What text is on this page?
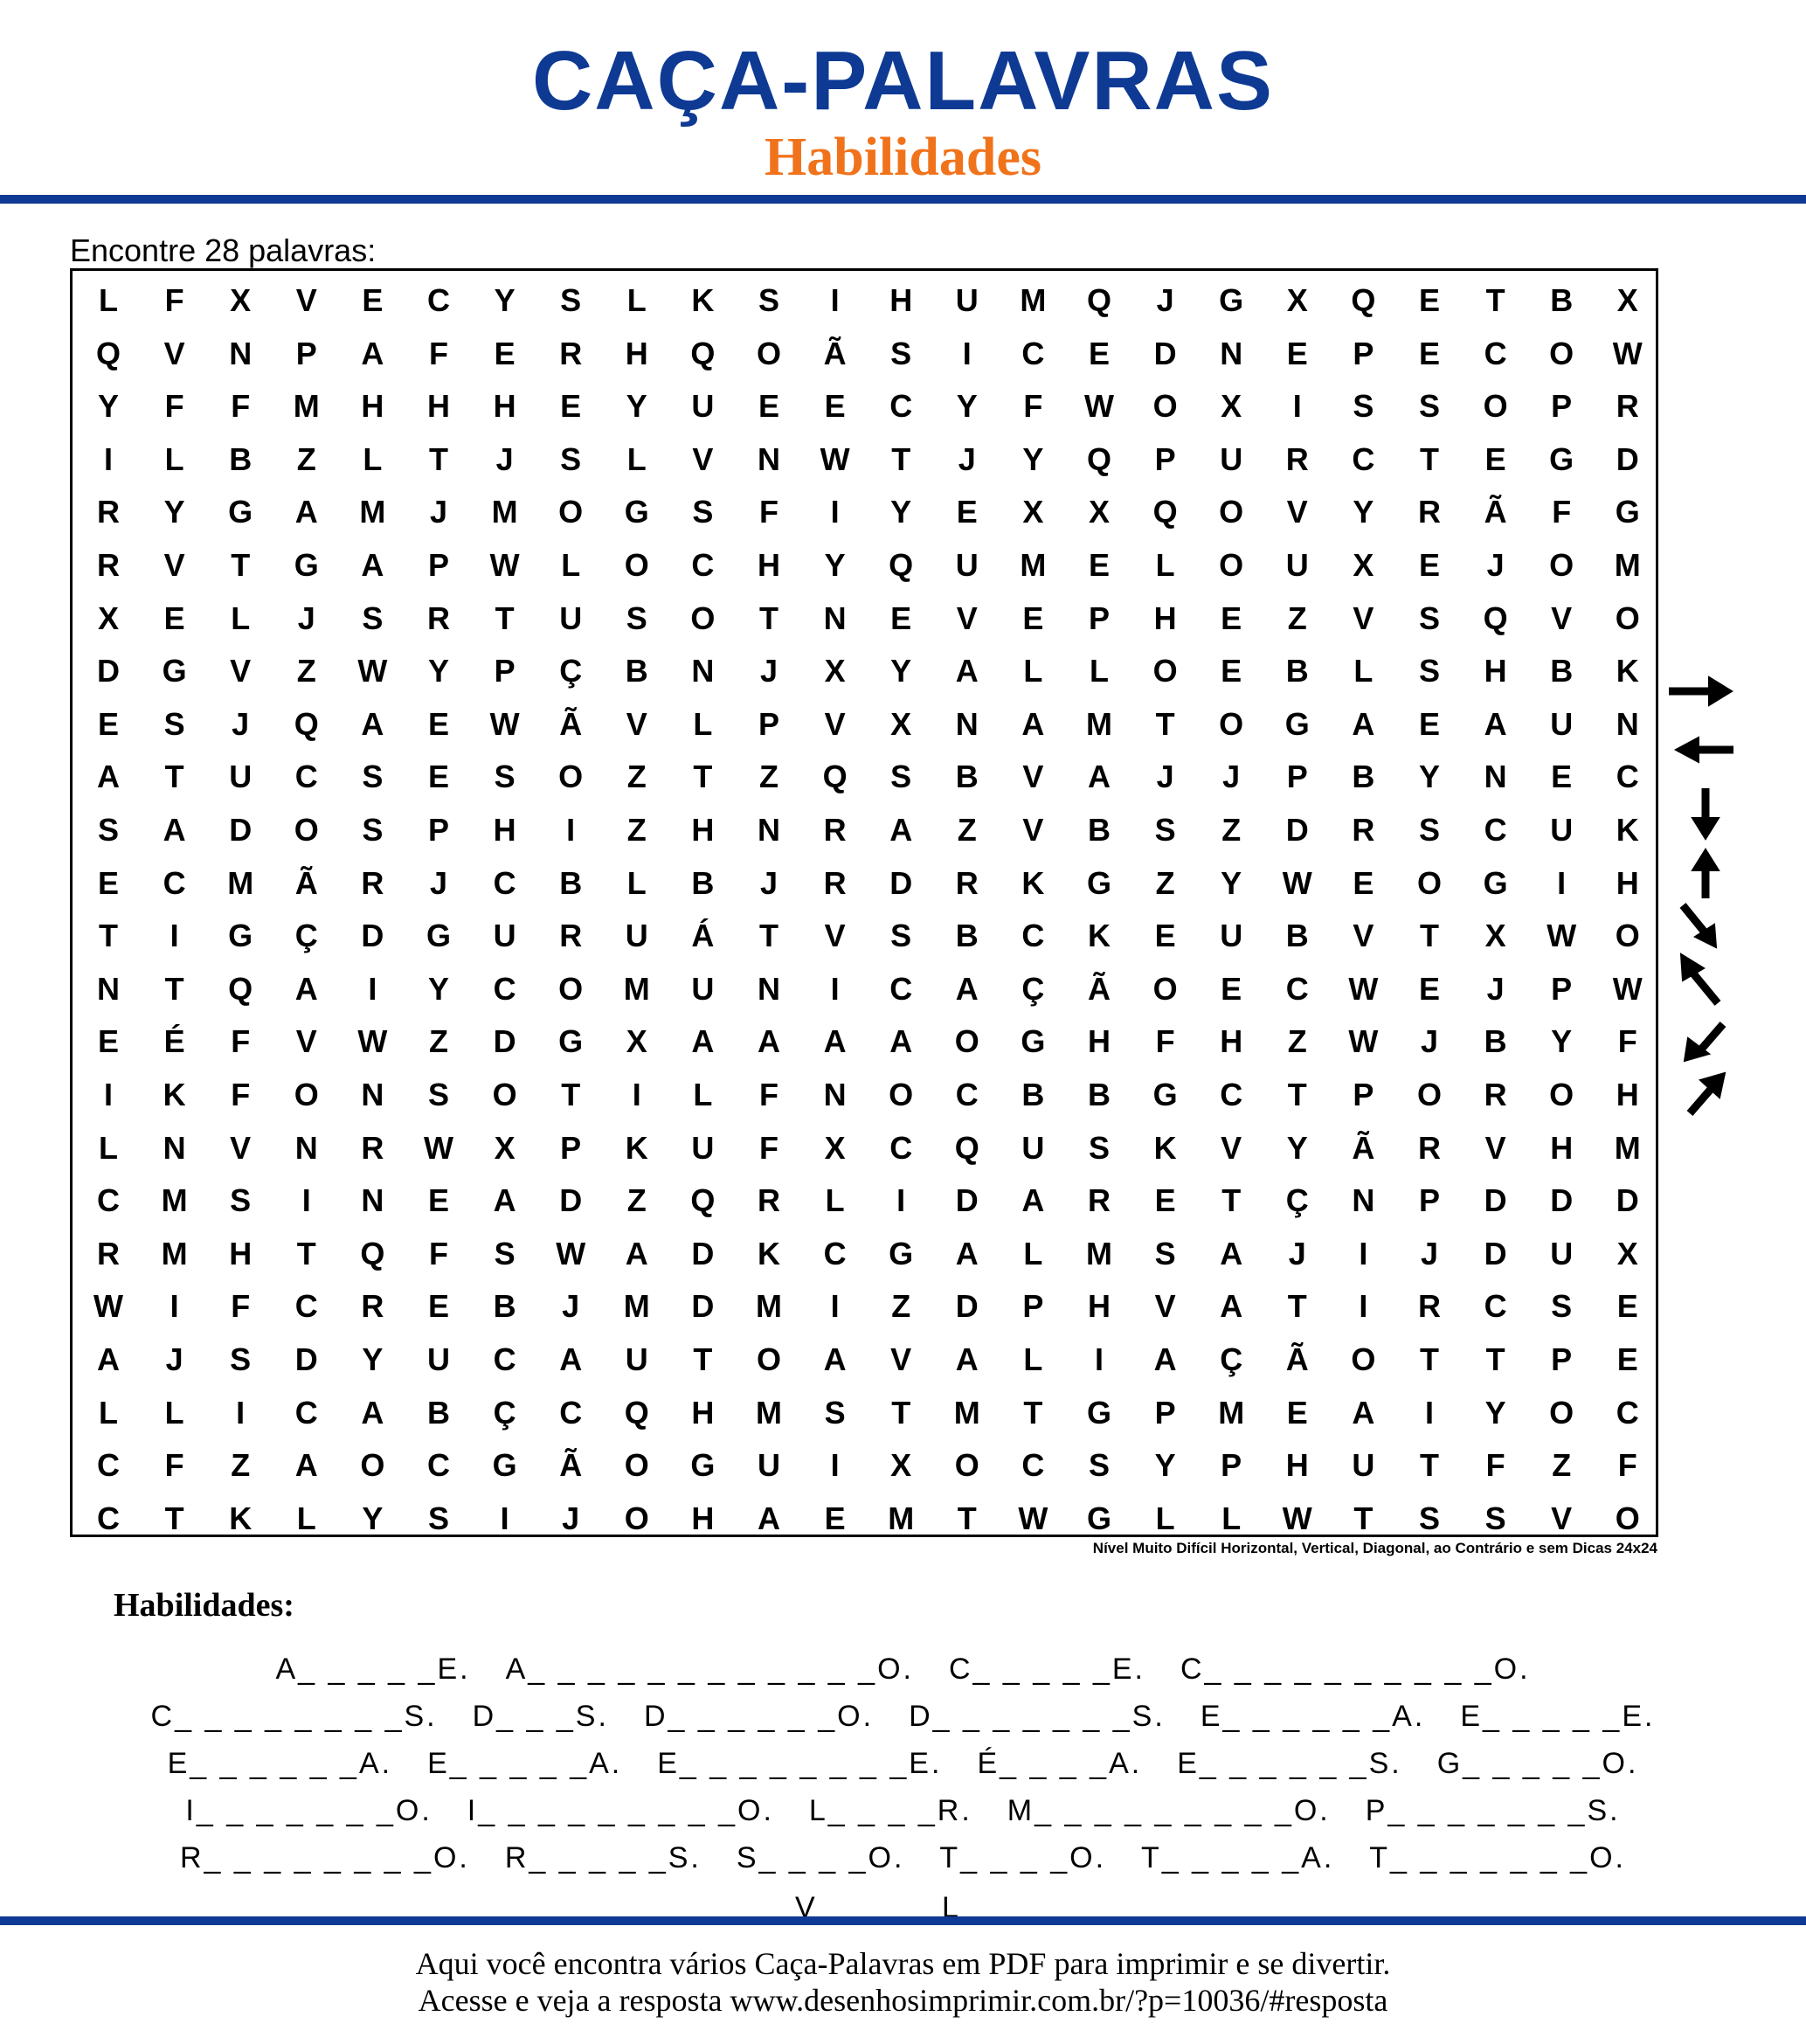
CAÇA-PALAVRAS
Habilidades
Encontre 28 palavras:
L	F	X	V	E	C	Y	S	L	K	S	I	H	U	M	Q	J	G	X	Q	E	T	B	X
Q	V	N	P	A	F	E	R	H	Q	O	Ã	S	I	C	E	D	N	E	P	E	C	O	W
Y	F	F	M	H	H	H	E	Y	U	E	E	C	Y	F	W	O	X	I	S	S	O	P	R
I	L	B	Z	L	T	J	S	L	V	N	W	T	J	Y	Q	P	U	R	C	T	E	G	D
R	Y	G	A	M	J	M	O	G	S	F	I	Y	E	X	X	Q	O	V	Y	R	Ã	F	G
R	V	T	G	A	P	W	L	O	C	H	Y	Q	U	M	E	L	O	U	X	E	J	O	M
X	E	L	J	S	R	T	U	S	O	T	N	E	V	E	P	H	E	Z	V	S	Q	V	O
D	G	V	Z	W	Y	P	Ç	B	N	J	X	Y	A	L	L	O	E	B	L	S	H	B	K
E	S	J	Q	A	E	W	Ã	V	L	P	V	X	N	A	M	T	O	G	A	E	A	U	N
A	T	U	C	S	E	S	O	Z	T	Z	Q	S	B	V	A	J	J	P	B	Y	N	E	C
S	A	D	O	S	P	H	I	Z	H	N	R	A	Z	V	B	S	Z	D	R	S	C	U	K
E	C	M	Ã	R	J	C	B	L	B	J	R	D	R	K	G	Z	Y	W	E	O	G	I	H
T	I	G	Ç	D	G	U	R	U	Á	T	V	S	B	C	K	E	U	B	V	T	X	W	O
N	T	Q	A	I	Y	C	O	M	U	N	I	C	A	Ç	Ã	O	E	C	W	E	J	P	W
E	É	F	V	W	Z	D	G	X	A	A	A	A	O	G	H	F	H	Z	W	J	B	Y	F
I	K	F	O	N	S	O	T	I	L	F	N	O	C	B	B	G	C	T	P	O	R	O	H
L	N	V	N	R	W	X	P	K	U	F	X	C	Q	U	S	K	V	Y	Ã	R	V	H	M
C	M	S	I	N	E	A	D	Z	Q	R	L	I	D	A	R	E	T	Ç	N	P	D	D	D
R	M	H	T	Q	F	S	W	A	D	K	C	G	A	L	M	S	A	J	I	J	D	U	X
W	I	F	C	R	E	B	J	M	D	M	I	Z	D	P	H	V	A	T	I	R	C	S	E
A	J	S	D	Y	U	C	A	U	T	O	A	V	A	L	I	A	Ç	Ã	O	T	T	P	E
L	L	I	C	A	B	Ç	C	Q	H	M	S	T	M	T	G	P	M	E	A	I	Y	O	C
C	F	Z	A	O	C	G	Ã	O	G	U	I	X	O	C	S	Y	P	H	U	T	F	Z	F
C	T	K	L	Y	S	I	J	O	H	A	E	M	T	W	G	L	L	W	T	S	S	V	O
Nível Muito Difícil Horizontal, Vertical, Diagonal, ao Contrário e sem Dicas 24x24
Habilidades:
A_ _ _ _ _E. A_ _ _ _ _ _ _ _ _ _ _ _O. C_ _ _ _ _E. C_ _ _ _ _ _ _ _ _ _O.
C_ _ _ _ _ _ _ _S. D_ _ _S. D_ _ _ _ _ _O. D_ _ _ _ _ _ _S. E_ _ _ _ _ _A. E_ _ _ _ _E.
E_ _ _ _ _ _A. E_ _ _ _ _A. E_ _ _ _ _ _ _ _E. É_ _ _ _A. E_ _ _ _ _ _S. G_ _ _ _ _O.
I_ _ _ _ _ _ _O. I_ _ _ _ _ _ _ _ _O. L_ _ _ _R. M_ _ _ _ _ _ _ _ _O. P_ _ _ _ _ _ _S.
R_ _ _ _ _ _ _ _O. R_ _ _ _ _S. S_ _ _ _O. T_ _ _ _O. T_ _ _ _ _A. T_ _ _ _ _ _ _O.
V	L
Aqui você encontra vários Caça-Palavras em PDF para imprimir e se divertir.
Acesse e veja a resposta www.desenhosimprimir.com.br/?p=10036/#resposta
